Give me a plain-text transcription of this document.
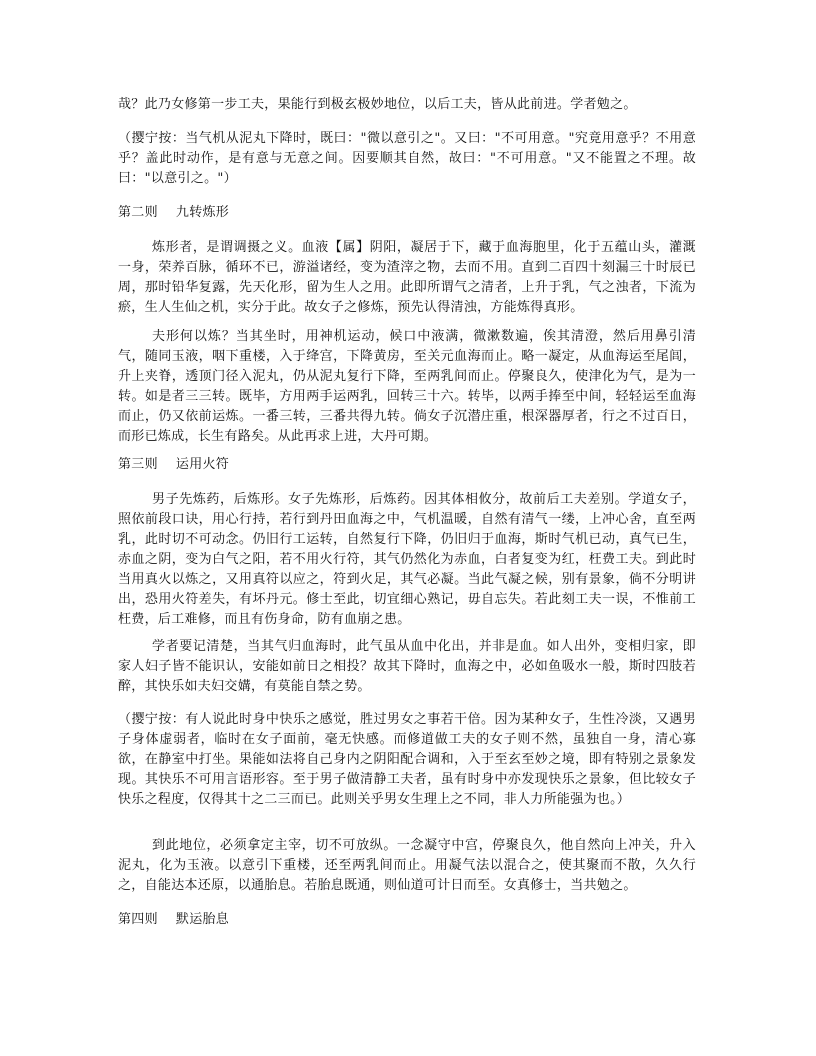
哉？此乃女修第一步工夫，果能行到极玄极妙地位，以后工夫，皆从此前进。学者勉之。

（撄宁按：当气机从泥丸下降时，既曰："微以意引之"。又曰："不可用意。"究竟用意乎？不用意乎？盖此时动作，是有意与无意之间。因要顺其自然，故曰："不可用意。"又不能置之不理。故曰："以意引之。"）

第二则 九转炼形

炼形者，是谓调摄之义。血液【属】阴阳，凝居于下，藏于血海胞里，化于五蕴山头，灌溉一身，荣养百脉，循环不已，游溢诸经，变为渣滓之物，去而不用。直到二百四十刻漏三十时辰已周，那时铅华复露，先天化形，留为生人之用。此即所谓气之清者，上升于乳，气之浊者，下流为瘀，生人生仙之机，实分于此。故女子之修炼，预先认得清浊，方能炼得真形。

夫形何以炼？当其坐时，用神机运动，候口中液满，微漱数遍，俟其清澄，然后用鼻引清气，随同玉液，咽下重楼，入于绛宫，下降黄房，至关元血海而止。略一凝定，从血海运至尾闾，升上夹脊，透顶门径入泥丸，仍从泥丸复行下降，至两乳间而止。停聚良久，使津化为气，是为一转。如是者三三转。既毕，方用两手运两乳，回转三十六。转毕，以两手捧至中间，轻轻运至血海而止，仍又依前运炼。一番三转，三番共得九转。倘女子沉潜庄重，根深器厚者，行之不过百日，而形已炼成，长生有路矣。从此再求上进，大丹可期。

第三则 运用火符

男子先炼药，后炼形。女子先炼形，后炼药。因其体相攸分，故前后工夫差别。学道女子，照依前段口诀，用心行持，若行到丹田血海之中，气机温暖，自然有清气一缕，上冲心舍，直至两乳，此时切不可动念。仍旧行工运转，自然复行下降，仍旧归于血海，斯时气机已动，真气已生，赤血之阴，变为白气之阳，若不用火行符，其气仍然化为赤血，白者复变为红，枉费工夫。到此时当用真火以炼之，又用真符以应之，符到火足，其气必凝。当此气凝之候，别有景象，倘不分明讲出，恐用火符差失，有坏丹元。修士至此，切宜细心熟记，毋自忘失。若此刻工夫一误，不惟前工枉费，后工难修，而且有伤身命，防有血崩之患。

学者要记清楚，当其气归血海时，此气虽从血中化出，并非是血。如人出外，变相归家，即家人妇子皆不能识认，安能如前日之相投？故其下降时，血海之中，必如鱼吸水一般，斯时四肢若醉，其快乐如夫妇交媾，有莫能自禁之势。

（撄宁按：有人说此时身中快乐之感觉，胜过男女之事若干倍。因为某种女子，生性冷淡，又遇男子身体虚弱者，临时在女子面前，毫无快感。而修道做工夫的女子则不然，虽独自一身，清心寡欲，在静室中打坐。果能如法将自己身内之阴阳配合调和，入于至玄至妙之境，即有特别之景象发现。其快乐不可用言语形容。至于男子做清静工夫者，虽有时身中亦发现快乐之景象，但比较女子快乐之程度，仅得其十之二三而已。此则关乎男女生理上之不同，非人力所能强为也。）

到此地位，必须拿定主宰，切不可放纵。一念凝守中宫，停聚良久，他自然向上冲关，升入泥丸，化为玉液。以意引下重楼，还至两乳间而止。用凝气法以混合之，使其聚而不散，久久行之，自能达本还原，以通胎息。若胎息既通，则仙道可计日而至。女真修士，当共勉之。

第四则 默运胎息
